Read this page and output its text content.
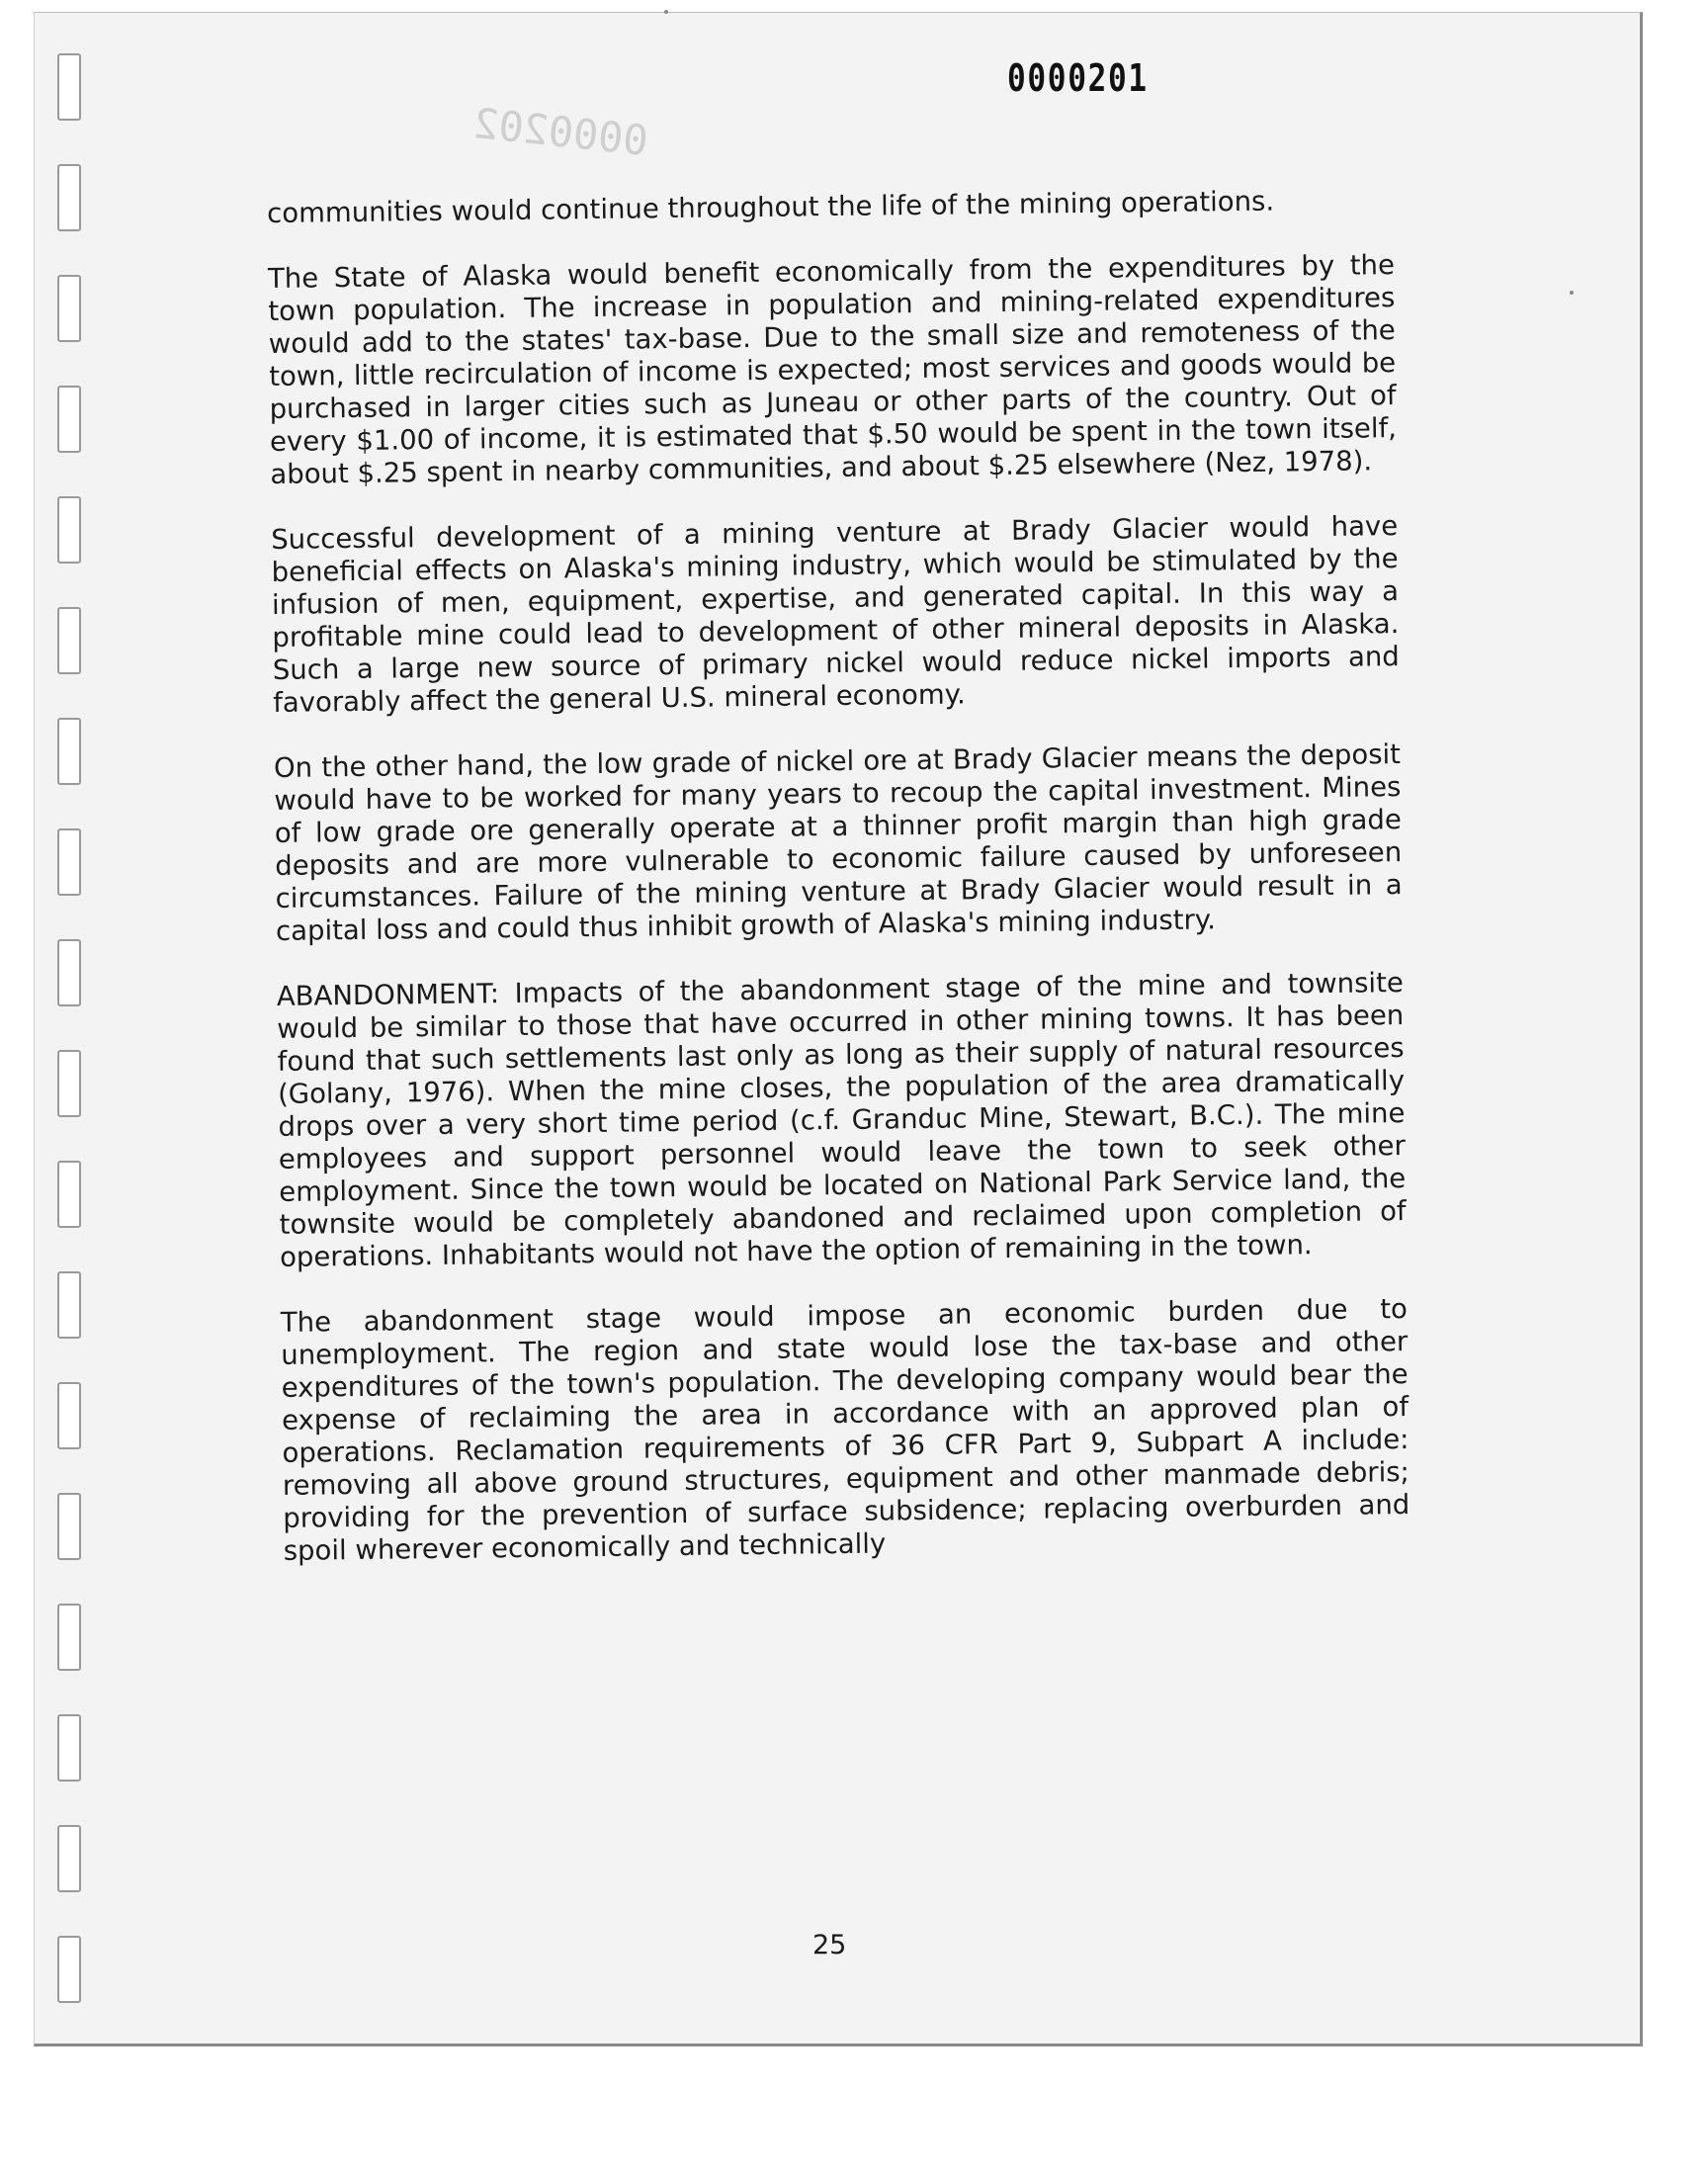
0000202
0000201

communities would continue throughout the life of the mining operations.

The State of Alaska would benefit economically from the expenditures by the town population. The increase in population and mining-related expenditures would add to the states' tax-base. Due to the small size and remoteness of the town, little recirculation of income is expected; most services and goods would be purchased in larger cities such as Juneau or other parts of the country. Out of every $1.00 of income, it is estimated that $.50 would be spent in the town itself, about $.25 spent in nearby communities, and about $.25 elsewhere (Nez, 1978).

Successful development of a mining venture at Brady Glacier would have beneficial effects on Alaska's mining industry, which would be stimulated by the infusion of men, equipment, expertise, and generated capital. In this way a profitable mine could lead to development of other mineral deposits in Alaska. Such a large new source of primary nickel would reduce nickel imports and favorably affect the general U.S. mineral economy.

On the other hand, the low grade of nickel ore at Brady Glacier means the deposit would have to be worked for many years to recoup the capital investment. Mines of low grade ore generally operate at a thinner profit margin than high grade deposits and are more vulnerable to economic failure caused by unforeseen circumstances. Failure of the mining venture at Brady Glacier would result in a capital loss and could thus inhibit growth of Alaska's mining industry.

ABANDONMENT: Impacts of the abandonment stage of the mine and townsite would be similar to those that have occurred in other mining towns. It has been found that such settlements last only as long as their supply of natural resources (Golany, 1976). When the mine closes, the population of the area dramatically drops over a very short time period (c.f. Granduc Mine, Stewart, B.C.). The mine employees and support personnel would leave the town to seek other employment. Since the town would be located on National Park Service land, the townsite would be completely abandoned and reclaimed upon completion of operations. Inhabitants would not have the option of remaining in the town.

The abandonment stage would impose an economic burden due to unemployment. The region and state would lose the tax-base and other expenditures of the town's population. The developing company would bear the expense of reclaiming the area in accordance with an approved plan of operations. Reclamation requirements of 36 CFR Part 9, Subpart A include: removing all above ground structures, equipment and other manmade debris; providing for the prevention of surface subsidence; replacing overburden and spoil wherever economically and technically

25
